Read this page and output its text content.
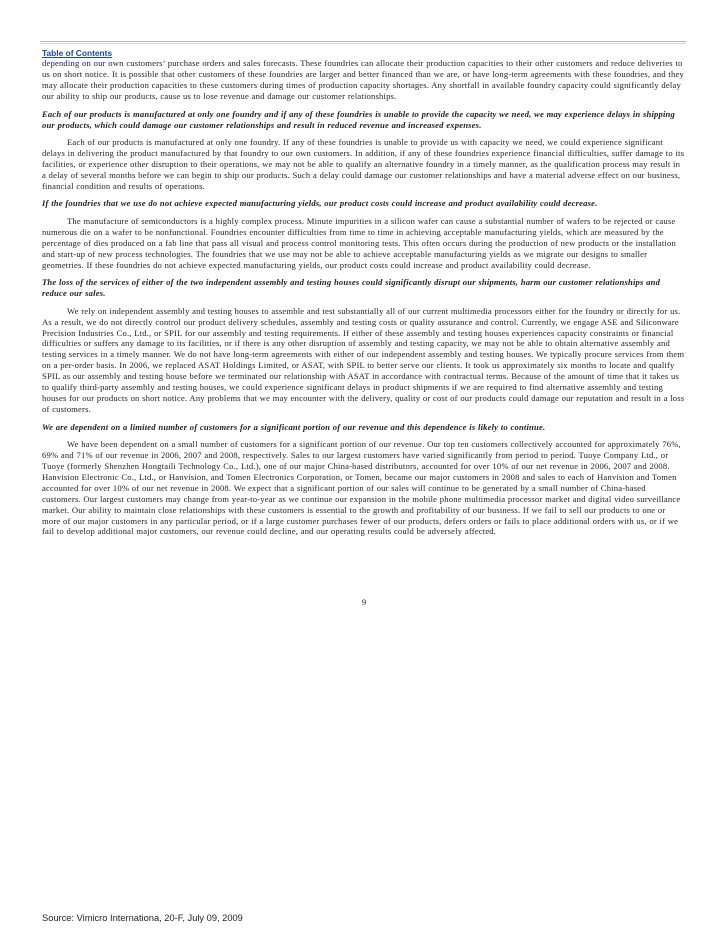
Table of Contents

depending on our own customers’ purchase orders and sales forecasts. These foundries can allocate their production capacities to their other customers and reduce deliveries to us on short notice. It is possible that other customers of these foundries are larger and better financed than we are, or have long-term agreements with these foundries, and they may allocate their production capacities to these customers during times of production capacity shortages. Any shortfall in available foundry capacity could significantly delay our ability to ship our products, cause us to lose revenue and damage our customer relationships.

Each of our products is manufactured at only one foundry and if any of these foundries is unable to provide the capacity we need, we may experience delays in shipping our products, which could damage our customer relationships and result in reduced revenue and increased expenses.

Each of our products is manufactured at only one foundry. If any of these foundries is unable to provide us with capacity we need, we could experience significant delays in delivering the product manufactured by that foundry to our own customers. In addition, if any of these foundries experience financial difficulties, suffer damage to its facilities, or experience other disruption to their operations, we may not be able to qualify an alternative foundry in a timely manner, as the qualification process may result in a delay of several months before we can begin to ship our products. Such a delay could damage our customer relationships and have a material adverse effect on our business, financial condition and results of operations.

If the foundries that we use do not achieve expected manufacturing yields, our product costs could increase and product availability could decrease.

The manufacture of semiconductors is a highly complex process. Minute impurities in a silicon wafer can cause a substantial number of wafers to be rejected or cause numerous die on a wafer to be nonfunctional. Foundries encounter difficulties from time to time in achieving acceptable manufacturing yields, which are measured by the percentage of dies produced on a fab line that pass all visual and process control monitoring tests. This often occurs during the production of new products or the installation and start-up of new process technologies. The foundries that we use may not be able to achieve acceptable manufacturing yields as we migrate our designs to smaller geometries. If these foundries do not achieve expected manufacturing yields, our product costs could increase and product availability could decrease.

The loss of the services of either of the two independent assembly and testing houses could significantly disrupt our shipments, harm our customer relationships and reduce our sales.

We rely on independent assembly and testing houses to assemble and test substantially all of our current multimedia processors either for the foundry or directly for us. As a result, we do not directly control our product delivery schedules, assembly and testing costs or quality assurance and control. Currently, we engage ASE and Siliconware Precision Industries Co., Ltd., or SPIL for our assembly and testing requirements. If either of these assembly and testing houses experiences capacity constraints or financial difficulties or suffers any damage to its facilities, or if there is any other disruption of assembly and testing capacity, we may not be able to obtain alternative assembly and testing services in a timely manner. We do not have long-term agreements with either of our independent assembly and testing houses. We typically procure services from them on a per-order basis. In 2006, we replaced ASAT Holdings Limited, or ASAT, with SPIL to better serve our clients. It took us approximately six months to locate and qualify SPIL as our assembly and testing house before we terminated our relationship with ASAT in accordance with contractual terms. Because of the amount of time that it takes us to qualify third-party assembly and testing houses, we could experience significant delays in product shipments if we are required to find alternative assembly and testing houses for our products on short notice. Any problems that we may encounter with the delivery, quality or cost of our products could damage our reputation and result in a loss of customers.

We are dependent on a limited number of customers for a significant portion of our revenue and this dependence is likely to continue.

We have been dependent on a small number of customers for a significant portion of our revenue. Our top ten customers collectively accounted for approximately 76%, 69% and 71% of our revenue in 2006, 2007 and 2008, respectively. Sales to our largest customers have varied significantly from period to period. Tuoye Company Ltd., or Tuoye (formerly Shenzhen Hongtaili Technology Co., Ltd.), one of our major China-based distributors, accounted for over 10% of our net revenue in 2006, 2007 and 2008. Hanvision Electronic Co., Ltd., or Hanvision, and Tomen Electronics Corporation, or Tomen, became our major customers in 2008 and sales to each of Hanvision and Tomen accounted for over 10% of our net revenue in 2008. We expect that a significant portion of our sales will continue to be generated by a small number of China-based customers. Our largest customers may change from year-to-year as we continue our expansion in the mobile phone multimedia processor market and digital video surveillance market. Our ability to maintain close relationships with these customers is essential to the growth and profitability of our business. If we fail to sell our products to one or more of our major customers in any particular period, or if a large customer purchases fewer of our products, defers orders or fails to place additional orders with us, or if we fail to develop additional major customers, our revenue could decline, and our operating results could be adversely affected.

9
Source: Vimicro Internationa, 20-F, July 09, 2009
